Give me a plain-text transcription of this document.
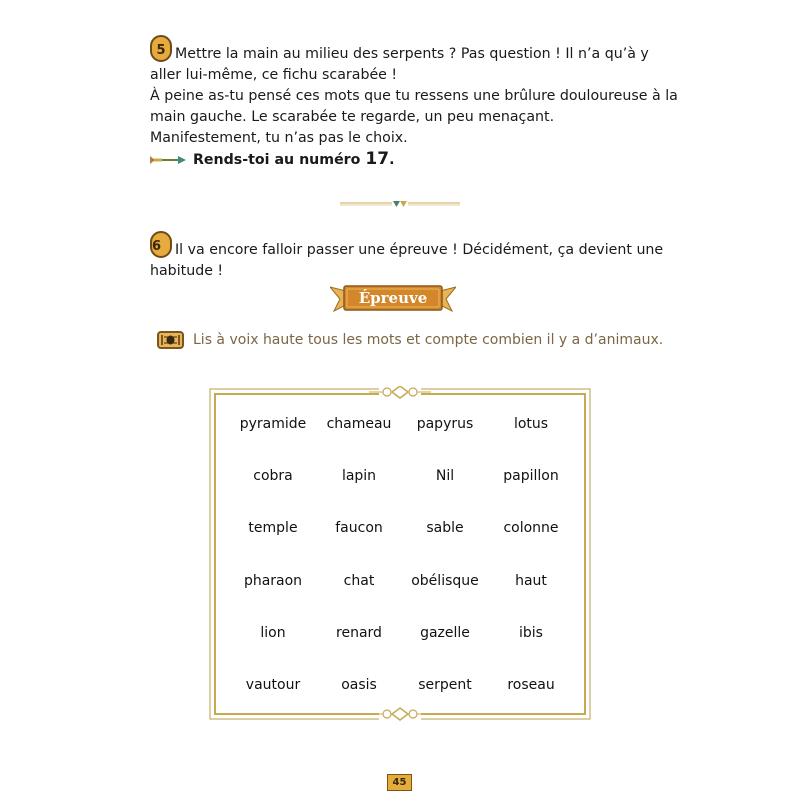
5 Mettre la main au milieu des serpents ? Pas question ! Il n’a qu’à y
aller lui-même, ce fichu scarabée !
À peine as-tu pensé ces mots que tu ressens une brûlure douloureuse à la
main gauche. Le scarabée te regarde, un peu menaçant.
Manifestement, tu n’as pas le choix.
Rends-toi au numéro 17.
6 Il va encore falloir passer une épreuve ! Décidément, ça devient une
habitude !
Épreuve
Lis à voix haute tous les mots et compte combien il y a d’animaux.
pyramide	chameau	papyrus	lotus
cobra	lapin	Nil	papillon
temple	faucon	sable	colonne
pharaon	chat	obélisque	haut
lion	renard	gazelle	ibis
vautour	oasis	serpent	roseau
45
